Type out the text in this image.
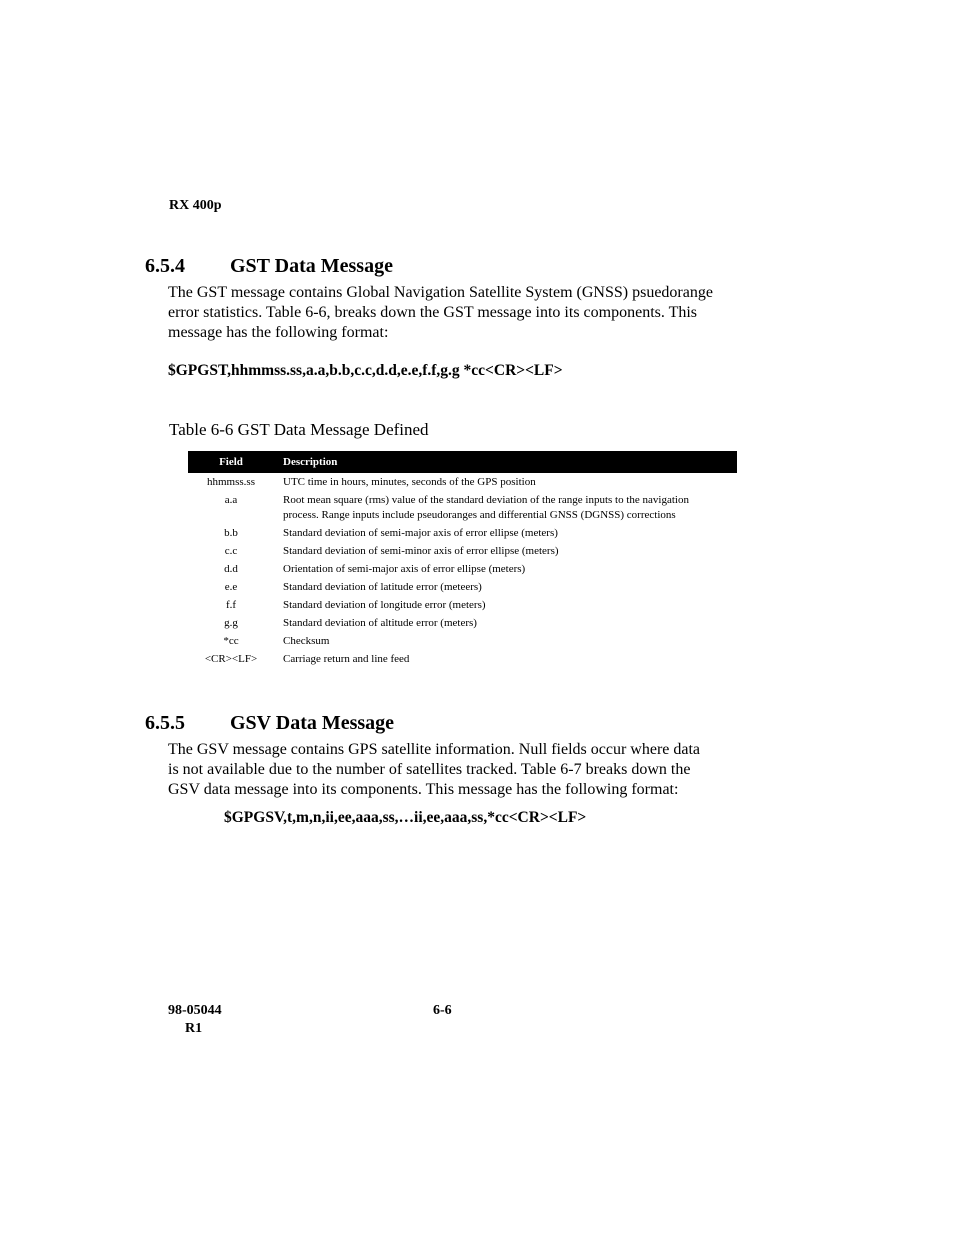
RX 400p
6.5.4 GST Data Message

The GST message contains Global Navigation Satellite System (GNSS) psuedorange

error statistics. Table 6-6, breaks down the GST message into its components. This

message has the following format:

$GPGST,hhmmss.ss,a.a,b.b,c.c,d.d,e.e,f.f,g.g *cc<CR><LF>
Table 6-6 GST Data Message Defined
Field	Description
hhmmss.ss	UTC time in hours, minutes, seconds of the GPS position
a.a	Root mean square (rms) value of the standard deviation of the range inputs to the navigation process. Range inputs include pseudoranges and differential GNSS (DGNSS) corrections
b.b	Standard deviation of semi-major axis of error ellipse (meters)
c.c	Standard deviation of semi-minor axis of error ellipse (meters)
d.d	Orientation of semi-major axis of error ellipse (meters)
e.e	Standard deviation of latitude error (meteers)
f.f	Standard deviation of longitude error (meters)
g.g	Standard deviation of altitude error (meters)
*cc	Checksum
<CR><LF>	Carriage return and line feed
6.5.5 GSV Data Message

The GSV message contains GPS satellite information. Null fields occur where data

is not available due to the number of satellites tracked. Table 6-7 breaks down the

GSV data message into its components. This message has the following format:

$GPGSV,t,m,n,ii,ee,aaa,ss,…ii,ee,aaa,ss,*cc<CR><LF>
98-05044
R1
6-6
